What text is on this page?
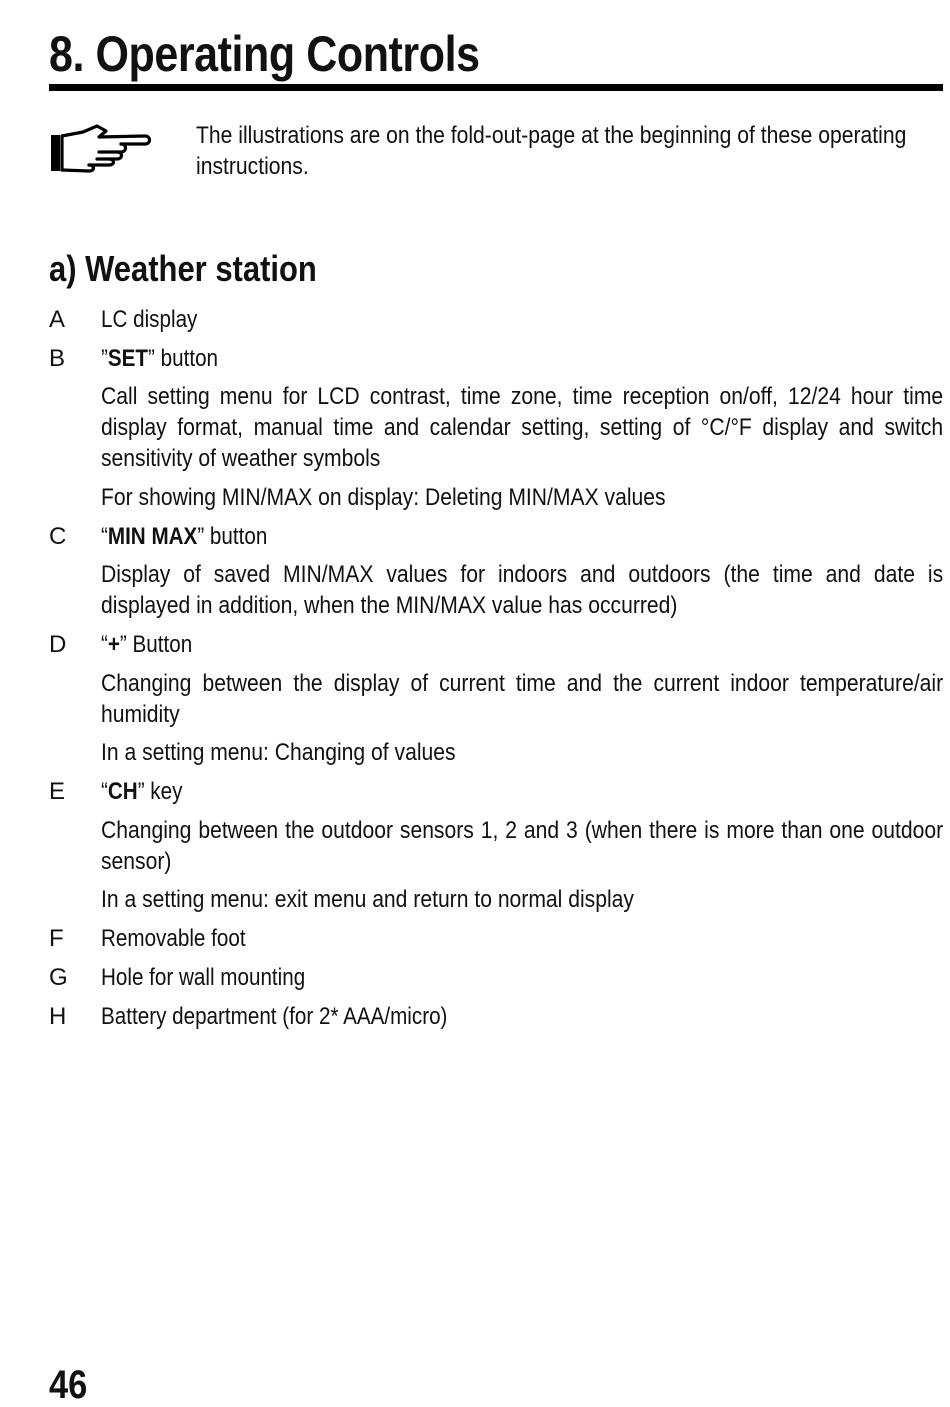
8. Operating Controls
The illustrations are on the fold-out-page at the beginning of these operating instructions.
a) Weather station
A LC display
B ”SET” button
Call setting menu for LCD contrast, time zone, time reception on/off, 12/24 hour time display format, manual time and calendar setting, setting of °C/°F display and switch sensitivity of weather symbols
For showing MIN/MAX on display: Deleting MIN/MAX values
C “MIN MAX” button
Display of saved MIN/MAX values for indoors and outdoors (the time and date is displayed in addition, when the MIN/MAX value has occurred)
D “+” Button
Changing between the display of current time and the current indoor temperature/air humidity
In a setting menu: Changing of values
E “CH” key
Changing between the outdoor sensors 1, 2 and 3 (when there is more than one outdoor sensor)
In a setting menu: exit menu and return to normal display
F Removable foot
G Hole for wall mounting
H Battery department (for 2* AAA/micro)
46
